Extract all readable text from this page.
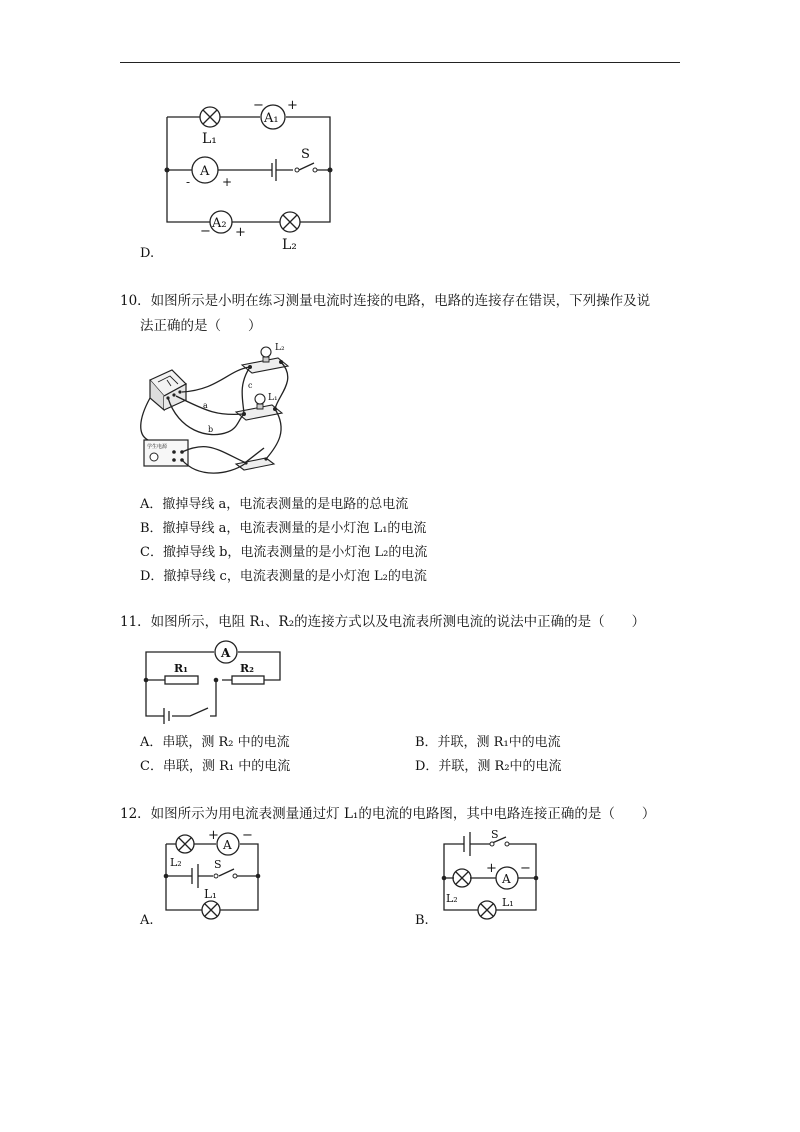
L₁
A₁
− +
A
-	+
S
A₂
− +
L₂
D.
10．如图所示是小明在练习测量电流时连接的电路，电路的连接存在错误，下列操作及说
法正确的是（　　）
L₂
L₁
学生电源
a
b
c
A．撤掉导线 a，电流表测量的是电路的总电流
B．撤掉导线 a，电流表测量的是小灯泡 L₁的电流
C．撤掉导线 b，电流表测量的是小灯泡 L₂的电流
D．撤掉导线 c，电流表测量的是小灯泡 L₂的电流
11．如图所示，电阻 R₁、R₂的连接方式以及电流表所测电流的说法中正确的是（　　）
R₁	R₂
A
A．串联，测 R₂ 中的电流	B．并联，测 R₁中的电流
C．串联，测 R₁ 中的电流	D．并联，测 R₂中的电流
12．如图所示为用电流表测量通过灯 L₁的电流的电路图，其中电路连接正确的是（　　）
A
+ −
L₂	S
L₁
A.
A
+ −
S
L₂	L₁
B.
